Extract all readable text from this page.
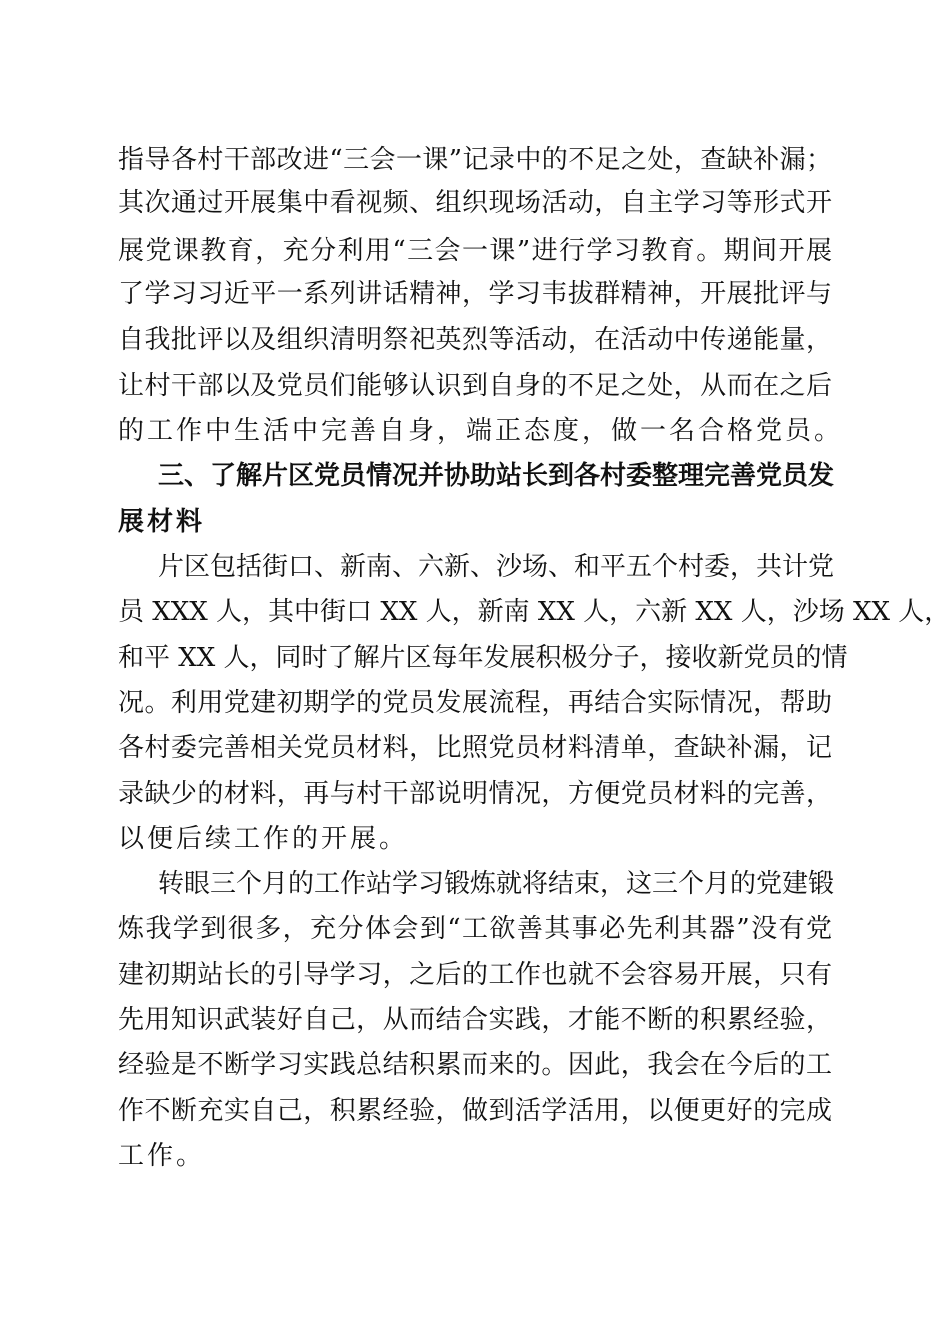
指导各村干部改进“三会一课”记录中的不足之处，查缺补漏；
其次通过开展集中看视频、组织现场活动，自主学习等形式开
展党课教育，充分利用“三会一课”进行学习教育。期间开展
了学习习近平一系列讲话精神，学习韦拔群精神，开展批评与
自我批评以及组织清明祭祀英烈等活动，在活动中传递能量，
让村干部以及党员们能够认识到自身的不足之处，从而在之后
的工作中生活中完善自身，端正态度，做一名合格党员。
三、了解片区党员情况并协助站长到各村委整理完善党员发
展材料
片区包括街口、新南、六新、沙场、和平五个村委，共计党
员 XXX 人，其中街口 XX 人，新南 XX 人，六新 XX 人，沙场 XX 人，
和平 XX 人，同时了解片区每年发展积极分子，接收新党员的情
况。利用党建初期学的党员发展流程，再结合实际情况，帮助
各村委完善相关党员材料，比照党员材料清单，查缺补漏，记
录缺少的材料，再与村干部说明情况，方便党员材料的完善，
以便后续工作的开展。
转眼三个月的工作站学习锻炼就将结束，这三个月的党建锻
炼我学到很多，充分体会到“工欲善其事必先利其器”没有党
建初期站长的引导学习，之后的工作也就不会容易开展，只有
先用知识武装好自己，从而结合实践，才能不断的积累经验，
经验是不断学习实践总结积累而来的。因此，我会在今后的工
作不断充实自己，积累经验，做到活学活用，以便更好的完成
工作。
